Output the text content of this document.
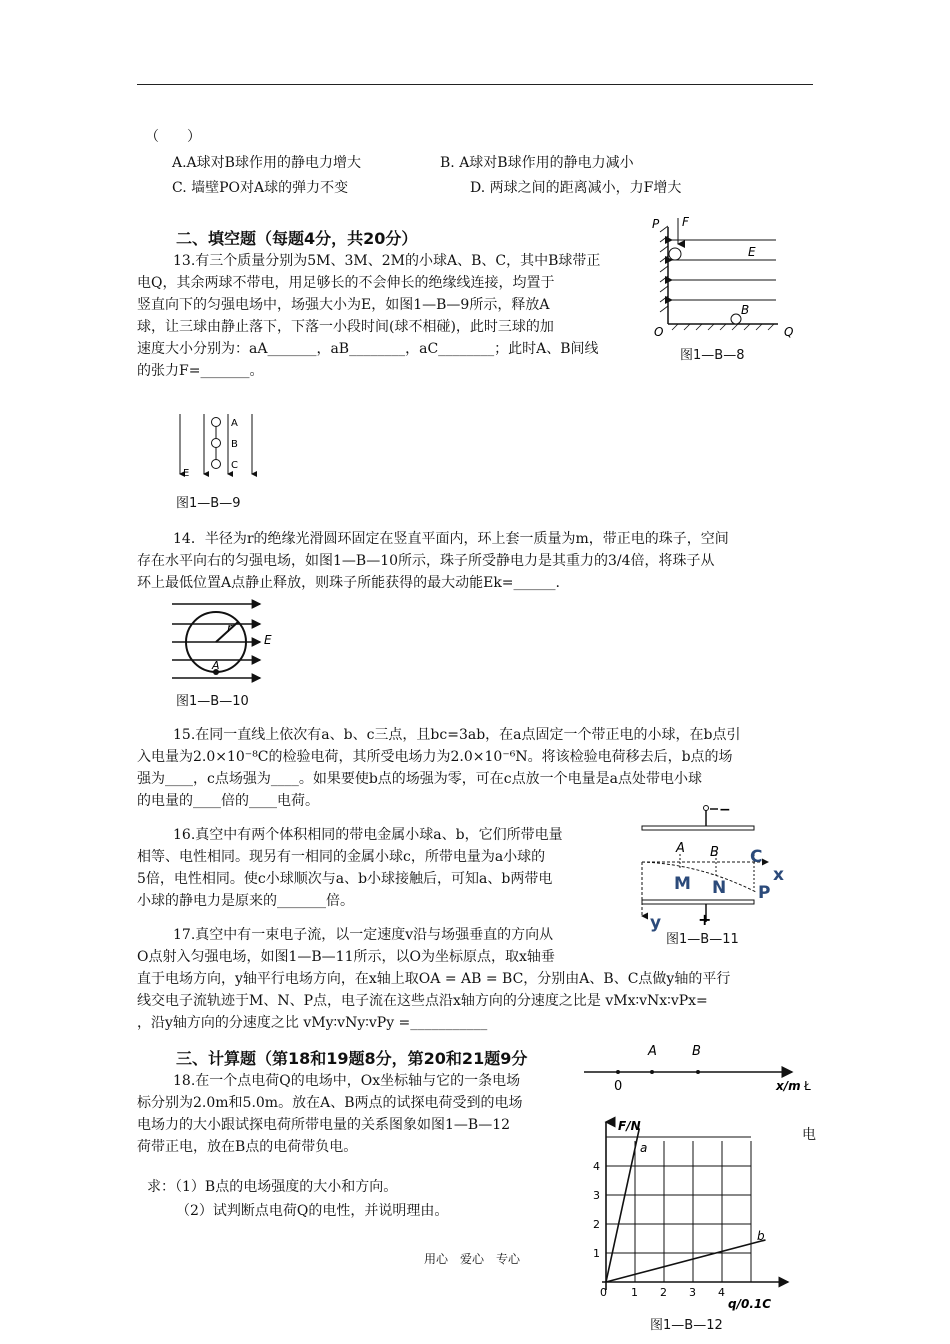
（　　）
A.A球对B球作用的静电力增大	B. A球对B球作用的静电力减小
C. 墙壁PO对A球的弹力不变	D. 两球之间的距离减小，力F增大
二、填空题（每题4分，共20分）
13.有三个质量分别为5M、3M、2M的小球A、B、C，其中B球带正
电Q，其余两球不带电，用足够长的不会伸长的绝缘线连接，均置于
竖直向下的匀强电场中，场强大小为E，如图1—B—9所示，释放A
球，让三球由静止落下，下落一小段时间(球不相碰)，此时三球的加
速度大小分别为：aA_______，aB________，aC________；此时A、B间线
的张力F=_______。
P F
E
B
O	Q
图1—B—8
A
B
C
E
图1—B—9
14．半径为r的绝缘光滑圆环固定在竖直平面内，环上套一质量为m，带正电的珠子，空间
存在水平向右的匀强电场，如图1—B—10所示，珠子所受静电力是其重力的3/4倍，将珠子从
环上最低位置A点静止释放，则珠子所能获得的最大动能Ek=______.
r
E
A
图1—B—10
15.在同一直线上依次有a、b、c三点，且bc=3ab，在a点固定一个带正电的小球，在b点引
入电量为2.0×10⁻⁸C的检验电荷，其所受电场力为2.0×10⁻⁶N。将该检验电荷移去后，b点的场
强为____，c点场强为____。如果要使b点的场强为零，可在c点放一个电量是a点处带电小球
的电量的____倍的____电荷。
16.真空中有两个体积相同的带电金属小球a、b，它们所带电量
相等、电性相同。现另有一相同的金属小球c，所带电量为a小球的
5倍，电性相同。使c小球顺次与a、b小球接触后，可知a、b两带电
小球的静电力是原来的_______倍。
+
−
A B C
x
M N P
y
图1—B—11
17.真空中有一束电子流，以一定速度v沿与场强垂直的方向从
O点射入匀强电场，如图1—B—11所示，以O为坐标原点，取x轴垂
直于电场方向，y轴平行电场方向，在x轴上取OA = AB = BC，分别由A、B、C点做y轴的平行
线交电子流轨迹于M、N、P点，电子流在这些点沿x轴方向的分速度之比是 vMx∶vNx∶vPx=
，沿y轴方向的分速度之比 vMy∶vNy∶vPy =___________
三、计算题（第18和19题8分，第20和21题9分
18.在一个点电荷Q的电场中，Ox坐标轴与它的一条电场
标分别为2.0m和5.0m。放在A、B两点的试探电荷受到的电场
电场力的大小跟试探电荷所带电量的关系图象如图1—B—12
荷带正电，放在B点的电荷带负电。
求：（1）B点的电场强度的大小和方向。
（2）试判断点电荷Q的电性，并说明理由。
电
A	B
0	x/m Ł
1
2
3
4
0 1 2 3 4
F/N
q/0.1C
a
b
图1—B—12
用心　爱心　专心
